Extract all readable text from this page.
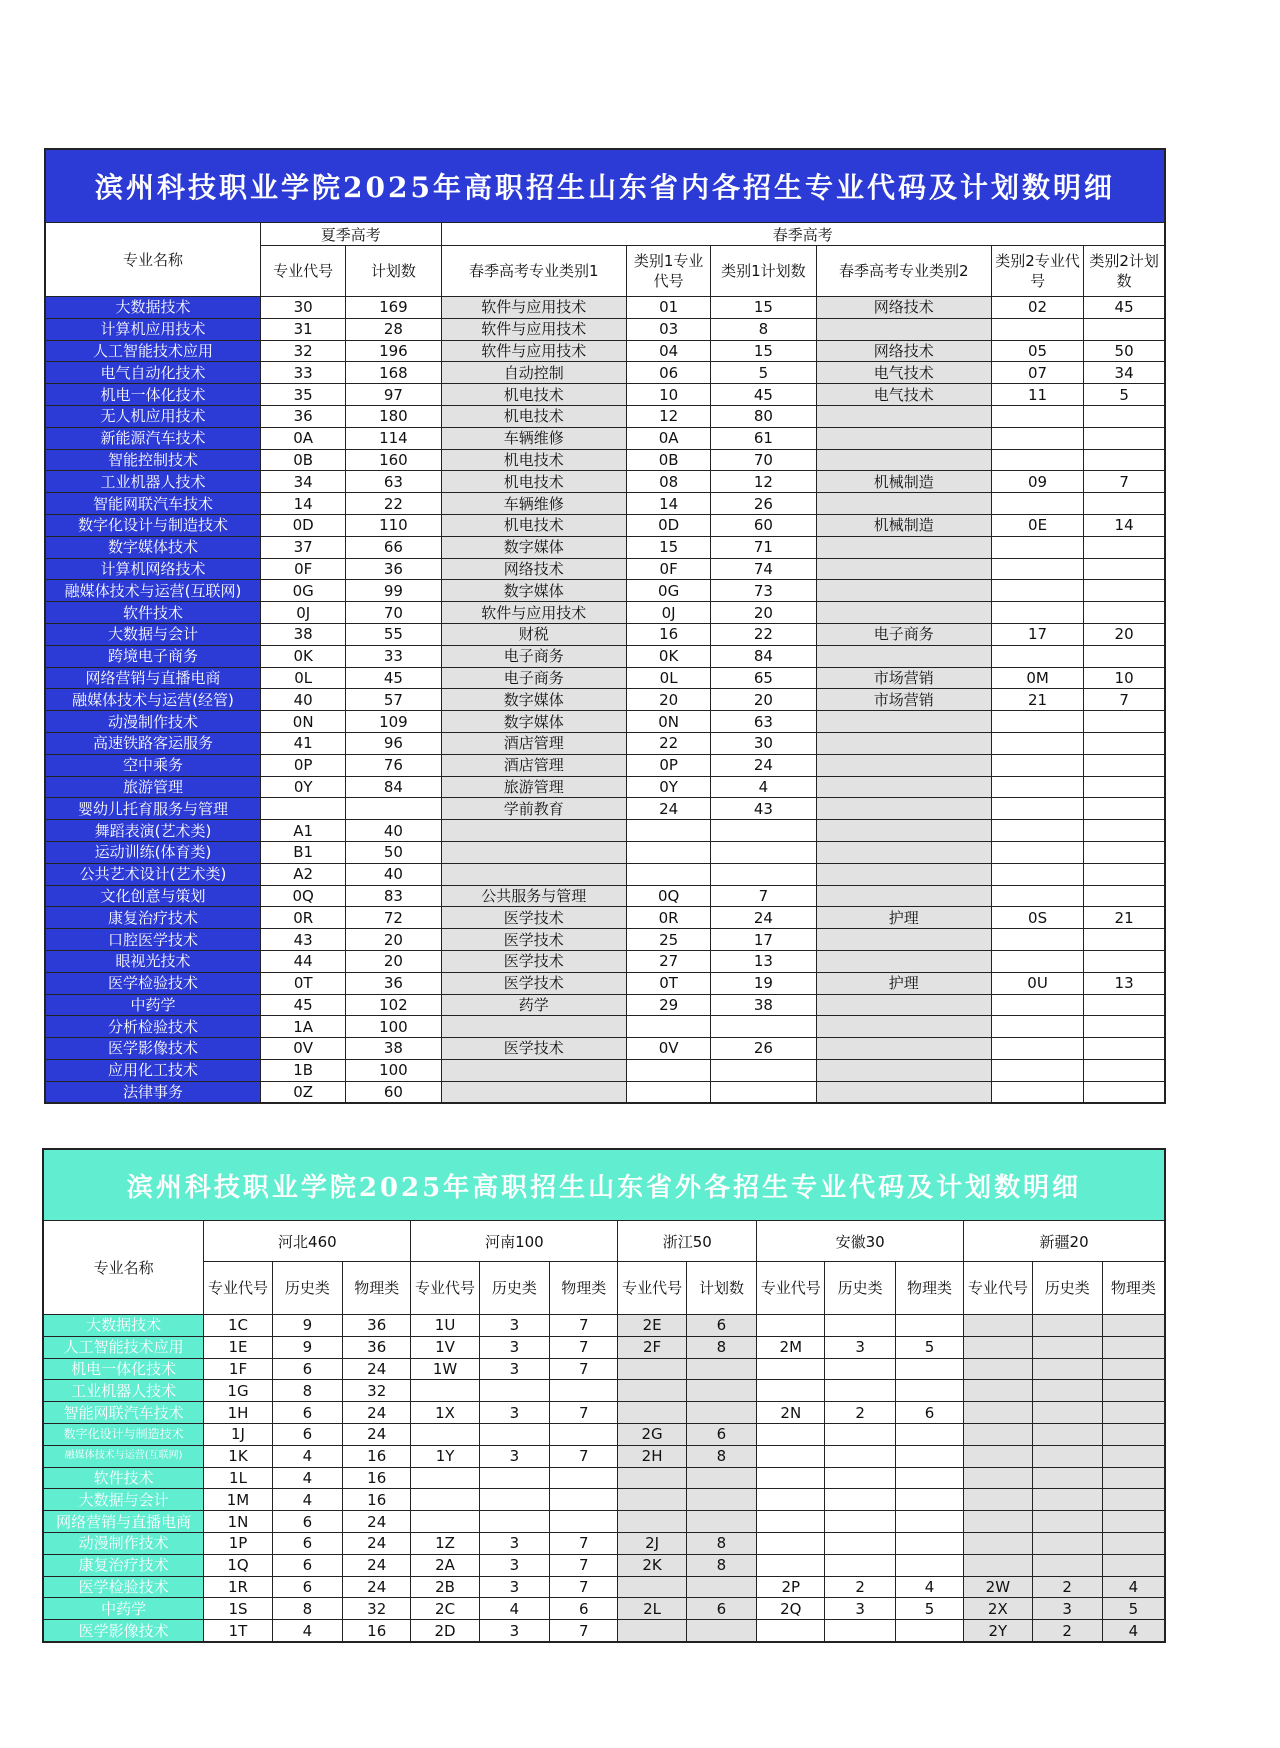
滨州科技职业学院2025年高职招生山东省内各招生专业代码及计划数明细								
专业名称	夏季高考		春季高考					
	专业代号	计划数	春季高考专业类别1	类别1专业代号	类别1计划数	春季高考专业类别2	类别2专业代号	类别2计划数
大数据技术	30	169	软件与应用技术	01	15	网络技术	02	45
计算机应用技术	31	28	软件与应用技术	03	8			
人工智能技术应用	32	196	软件与应用技术	04	15	网络技术	05	50
电气自动化技术	33	168	自动控制	06	5	电气技术	07	34
机电一体化技术	35	97	机电技术	10	45	电气技术	11	5
无人机应用技术	36	180	机电技术	12	80			
新能源汽车技术	0A	114	车辆维修	0A	61			
智能控制技术	0B	160	机电技术	0B	70			
工业机器人技术	34	63	机电技术	08	12	机械制造	09	7
智能网联汽车技术	14	22	车辆维修	14	26			
数字化设计与制造技术	0D	110	机电技术	0D	60	机械制造	0E	14
数字媒体技术	37	66	数字媒体	15	71			
计算机网络技术	0F	36	网络技术	0F	74			
融媒体技术与运营(互联网)	0G	99	数字媒体	0G	73			
软件技术	0J	70	软件与应用技术	0J	20			
大数据与会计	38	55	财税	16	22	电子商务	17	20
跨境电子商务	0K	33	电子商务	0K	84			
网络营销与直播电商	0L	45	电子商务	0L	65	市场营销	0M	10
融媒体技术与运营(经管)	40	57	数字媒体	20	20	市场营销	21	7
动漫制作技术	0N	109	数字媒体	0N	63			
高速铁路客运服务	41	96	酒店管理	22	30			
空中乘务	0P	76	酒店管理	0P	24			
旅游管理	0Y	84	旅游管理	0Y	4			
婴幼儿托育服务与管理			学前教育	24	43			
舞蹈表演(艺术类)	A1	40						
运动训练(体育类)	B1	50						
公共艺术设计(艺术类)	A2	40						
文化创意与策划	0Q	83	公共服务与管理	0Q	7			
康复治疗技术	0R	72	医学技术	0R	24	护理	0S	21
口腔医学技术	43	20	医学技术	25	17			
眼视光技术	44	20	医学技术	27	13			
医学检验技术	0T	36	医学技术	0T	19	护理	0U	13
中药学	45	102	药学	29	38			
分析检验技术	1A	100						
医学影像技术	0V	38	医学技术	0V	26			
应用化工技术	1B	100						
法律事务	0Z	60						
滨州科技职业学院2025年高职招生山东省外各招生专业代码及计划数明细														
专业名称	河北460			河南100			浙江50		安徽30			新疆20		
	专业代号	历史类	物理类	专业代号	历史类	物理类	专业代号	计划数	专业代号	历史类	物理类	专业代号	历史类	物理类
大数据技术	1C	9	36	1U	3	7	2E	6						
人工智能技术应用	1E	9	36	1V	3	7	2F	8	2M	3	5			
机电一体化技术	1F	6	24	1W	3	7								
工业机器人技术	1G	8	32											
智能网联汽车技术	1H	6	24	1X	3	7			2N	2	6			
数字化设计与制造技术	1J	6	24				2G	6						
融媒体技术与运营(互联网)	1K	4	16	1Y	3	7	2H	8						
软件技术	1L	4	16											
大数据与会计	1M	4	16											
网络营销与直播电商	1N	6	24											
动漫制作技术	1P	6	24	1Z	3	7	2J	8						
康复治疗技术	1Q	6	24	2A	3	7	2K	8						
医学检验技术	1R	6	24	2B	3	7			2P	2	4	2W	2	4
中药学	1S	8	32	2C	4	6	2L	6	2Q	3	5	2X	3	5
医学影像技术	1T	4	16	2D	3	7						2Y	2	4
